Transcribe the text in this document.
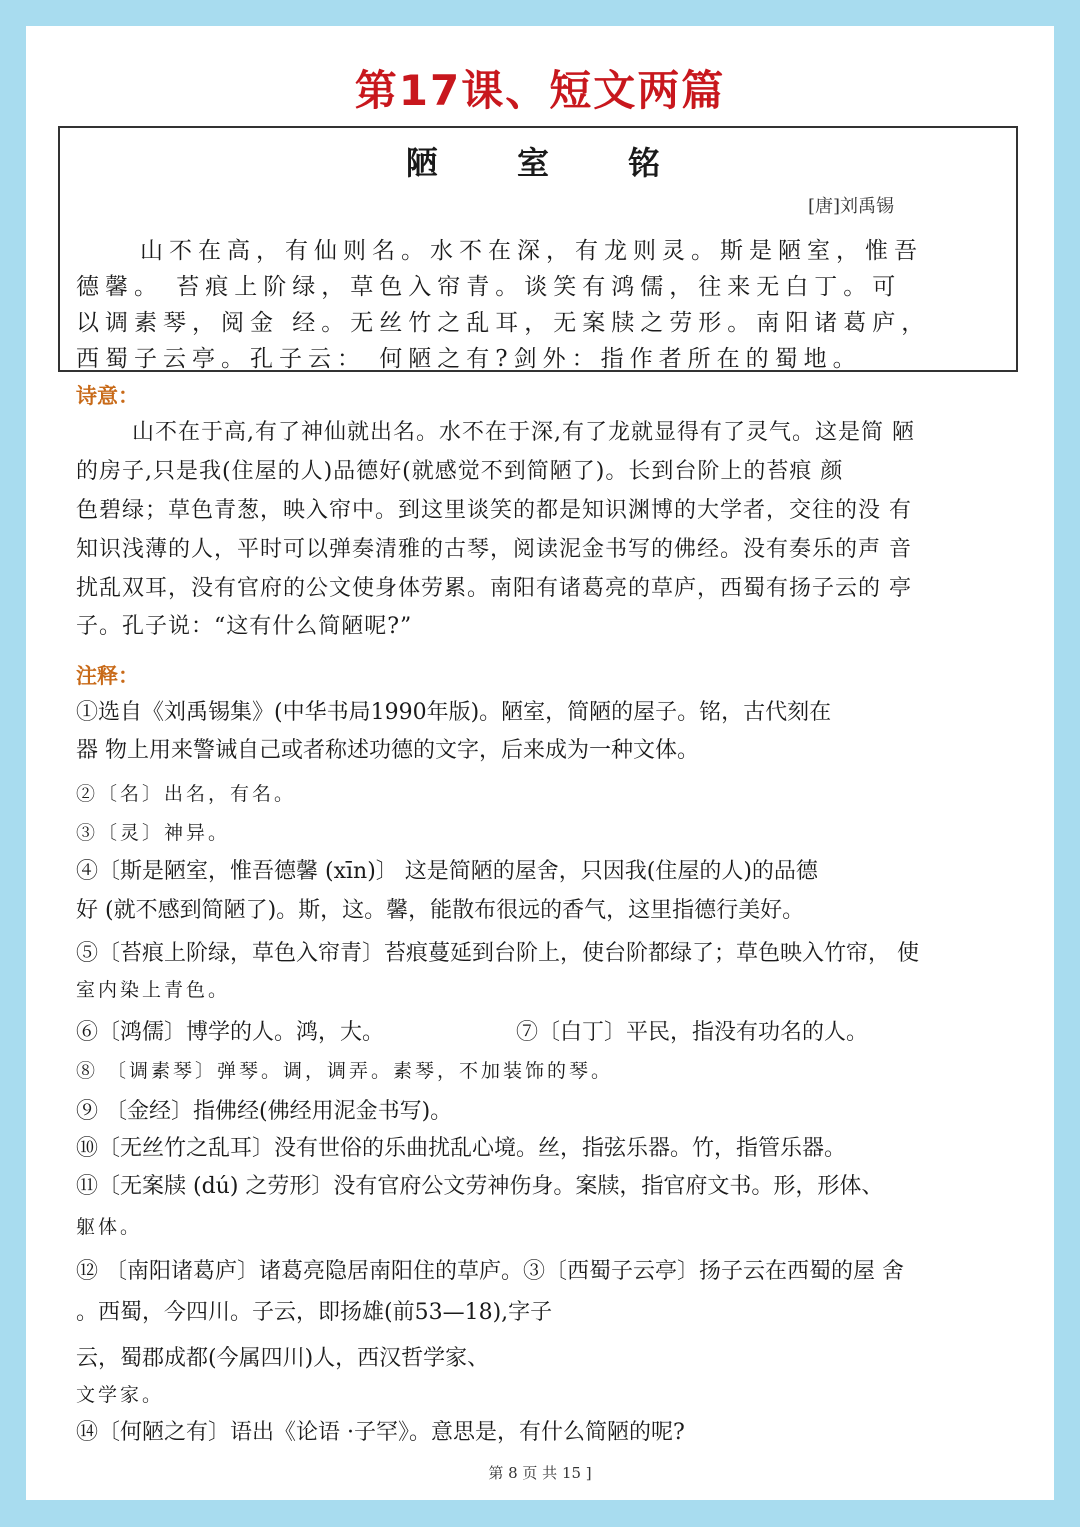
第17课、短文两篇
陋 室 铭
[唐]刘禹锡
山不在高，有仙则名。水不在深，有龙则灵。斯是陋室，惟吾
德馨。 苔痕上阶绿，草色入帘青。谈笑有鸿儒，往来无白丁。可
以调素琴，阅金 经。无丝竹之乱耳，无案牍之劳形。南阳诸葛庐，
西蜀子云亭。孔子云： 何陋之有?剑外：指作者所在的蜀地。
诗意：
山不在于高,有了神仙就出名。水不在于深,有了龙就显得有了灵气。这是简 陋
的房子,只是我(住屋的人)品德好(就感觉不到简陋了)。长到台阶上的苔痕 颜
色碧绿；草色青葱，映入帘中。到这里谈笑的都是知识渊博的大学者，交往的没 有
知识浅薄的人，平时可以弹奏清雅的古琴，阅读泥金书写的佛经。没有奏乐的声 音
扰乱双耳，没有官府的公文使身体劳累。南阳有诸葛亮的草庐，西蜀有扬子云的 亭
子。孔子说：“这有什么简陋呢?”
注释：
①选自《刘禹锡集》(中华书局1990年版)。陋室，简陋的屋子。铭，古代刻在
器 物上用来警诫自己或者称述功德的文字，后来成为一种文体。
②〔名〕出名，有名。
③〔灵〕神异。
④〔斯是陋室，惟吾德馨 (xīn)〕 这是简陋的屋舍，只因我(住屋的人)的品德
好 (就不感到简陋了)。斯，这。馨，能散布很远的香气，这里指德行美好。
⑤〔苔痕上阶绿，草色入帘青〕苔痕蔓延到台阶上，使台阶都绿了；草色映入竹帘， 使
室内染上青色。
⑥〔鸿儒〕博学的人。鸿，大。	⑦〔白丁〕平民，指没有功名的人。
⑧ 〔调素琴〕弹琴。调，调弄。素琴，不加装饰的琴。
⑨ 〔金经〕指佛经(佛经用泥金书写)。
⑩〔无丝竹之乱耳〕没有世俗的乐曲扰乱心境。丝，指弦乐器。竹，指管乐器。
⑪〔无案牍 (dú) 之劳形〕没有官府公文劳神伤身。案牍，指官府文书。形，形体、
躯体。
⑫ 〔南阳诸葛庐〕诸葛亮隐居南阳住的草庐。③〔西蜀子云亭〕扬子云在西蜀的屋 舍
。西蜀，今四川。子云，即扬雄(前53—18),字子
云，蜀郡成都(今属四川)人，西汉哲学家、
文学家。
⑭〔何陋之有〕语出《论语 ·子罕》。意思是，有什么简陋的呢?
第 8 页 共 15 ]
